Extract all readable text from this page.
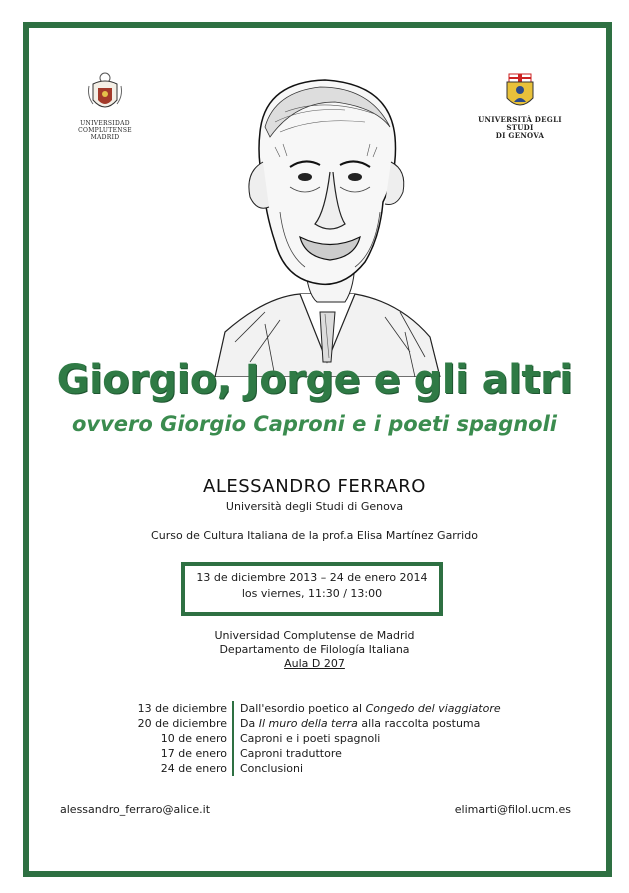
UNIVERSIDAD COMPLUTENSE
MADRID
UNIVERSITÀ DEGLI STUDI
DI GENOVA
Giorgio, Jorge e gli altri
ovvero Giorgio Caproni e i poeti spagnoli
ALESSANDRO FERRARO
Università degli Studi di Genova
Curso de Cultura Italiana de la prof.a Elisa Martínez Garrido
13 de diciembre 2013 – 24 de enero 2014
los viernes, 11:30 / 13:00
Universidad Complutense de Madrid
Departamento de Filología Italiana
Aula D 207
13 de diciembre	Dall'esordio poetico al Congedo del viaggiatore
20 de diciembre	Da Il muro della terra alla raccolta postuma
10 de enero	Caproni e i poeti spagnoli
17 de enero	Caproni traduttore
24 de enero	Conclusioni
alessandro_ferraro@alice.it	elimarti@filol.ucm.es
